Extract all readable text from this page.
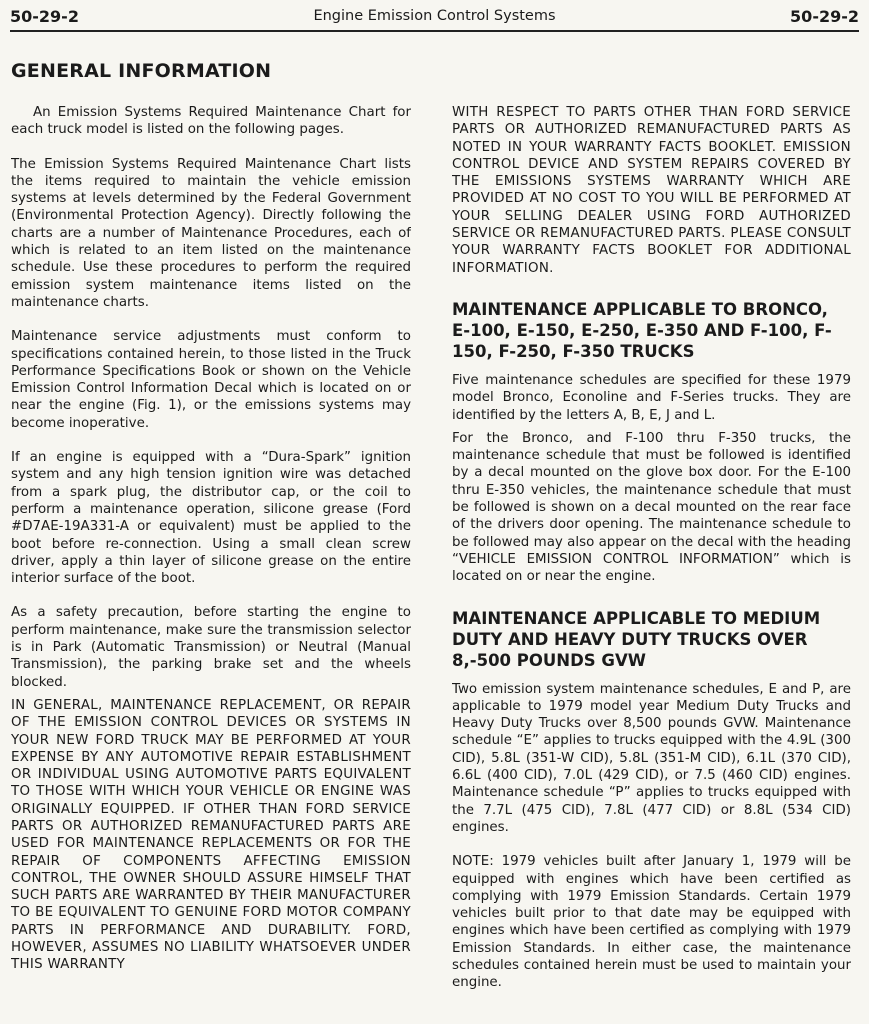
50-29-2	Engine Emission Control Systems	50-29-2
GENERAL INFORMATION

An Emission Systems Required Maintenance Chart for each truck model is listed on the following pages.

The Emission Systems Required Maintenance Chart lists the items required to maintain the vehicle emission systems at levels determined by the Federal Government (Environmental Protection Agency). Directly following the charts are a number of Maintenance Procedures, each of which is related to an item listed on the maintenance schedule. Use these procedures to perform the required emission system maintenance items listed on the maintenance charts.

Maintenance service adjustments must conform to specifications contained herein, to those listed in the Truck Performance Specifications Book or shown on the Vehicle Emission Control Information Decal which is located on or near the engine (Fig. 1), or the emissions systems may become inoperative.

If an engine is equipped with a “Dura-Spark” ignition system and any high tension ignition wire was detached from a spark plug, the distributor cap, or the coil to perform a maintenance operation, silicone grease (Ford #D7AE-19A331-A or equivalent) must be applied to the boot before re-connection. Using a small clean screw driver, apply a thin layer of silicone grease on the entire interior surface of the boot.

As a safety precaution, before starting the engine to perform maintenance, make sure the transmission selector is in Park (Automatic Transmission) or Neutral (Manual Transmission), the parking brake set and the wheels blocked.

IN GENERAL, MAINTENANCE REPLACEMENT, OR REPAIR OF THE EMISSION CONTROL DEVICES OR SYSTEMS IN YOUR NEW FORD TRUCK MAY BE PERFORMED AT YOUR EXPENSE BY ANY AUTOMOTIVE REPAIR ESTABLISHMENT OR INDIVIDUAL USING AUTOMOTIVE PARTS EQUIVALENT TO THOSE WITH WHICH YOUR VEHICLE OR ENGINE WAS ORIGINALLY EQUIPPED. IF OTHER THAN FORD SERVICE PARTS OR AUTHORIZED REMANUFACTURED PARTS ARE USED FOR MAINTENANCE REPLACEMENTS OR FOR THE REPAIR OF COMPONENTS AFFECTING EMISSION CONTROL, THE OWNER SHOULD ASSURE HIMSELF THAT SUCH PARTS ARE WARRANTED BY THEIR MANUFACTURER TO BE EQUIVALENT TO GENUINE FORD MOTOR COMPANY PARTS IN PERFORMANCE AND DURABILITY. FORD, HOWEVER, ASSUMES NO LIABILITY WHATSOEVER UNDER THIS WARRANTY

WITH RESPECT TO PARTS OTHER THAN FORD SERVICE PARTS OR AUTHORIZED REMANUFACTURED PARTS AS NOTED IN YOUR WARRANTY FACTS BOOKLET. EMISSION CONTROL DEVICE AND SYSTEM REPAIRS COVERED BY THE EMISSIONS SYSTEMS WARRANTY WHICH ARE PROVIDED AT NO COST TO YOU WILL BE PERFORMED AT YOUR SELLING DEALER USING FORD AUTHORIZED SERVICE OR REMANUFACTURED PARTS. PLEASE CONSULT YOUR WARRANTY FACTS BOOKLET FOR ADDITIONAL INFORMATION.

MAINTENANCE APPLICABLE TO BRONCO, E-100, E-150, E-250, E-350 AND F-100, F-150, F-250, F-350 TRUCKS

Five maintenance schedules are specified for these 1979 model Bronco, Econoline and F-Series trucks. They are identified by the letters A, B, E, J and L.

For the Bronco, and F-100 thru F-350 trucks, the maintenance schedule that must be followed is identified by a decal mounted on the glove box door. For the E-100 thru E-350 vehicles, the maintenance schedule that must be followed is shown on a decal mounted on the rear face of the drivers door opening. The maintenance schedule to be followed may also appear on the decal with the heading “VEHICLE EMISSION CONTROL INFORMATION” which is located on or near the engine.

MAINTENANCE APPLICABLE TO MEDIUM DUTY AND HEAVY DUTY TRUCKS OVER 8,-500 POUNDS GVW

Two emission system maintenance schedules, E and P, are applicable to 1979 model year Medium Duty Trucks and Heavy Duty Trucks over 8,500 pounds GVW. Maintenance schedule “E” applies to trucks equipped with the 4.9L (300 CID), 5.8L (351-W CID), 5.8L (351-M CID), 6.1L (370 CID), 6.6L (400 CID), 7.0L (429 CID), or 7.5 (460 CID) engines. Maintenance schedule “P” applies to trucks equipped with the 7.7L (475 CID), 7.8L (477 CID) or 8.8L (534 CID) engines.

NOTE: 1979 vehicles built after January 1, 1979 will be equipped with engines which have been certified as complying with 1979 Emission Standards. Certain 1979 vehicles built prior to that date may be equipped with engines which have been certified as complying with 1979 Emission Standards. In either case, the maintenance schedules contained herein must be used to maintain your engine.
